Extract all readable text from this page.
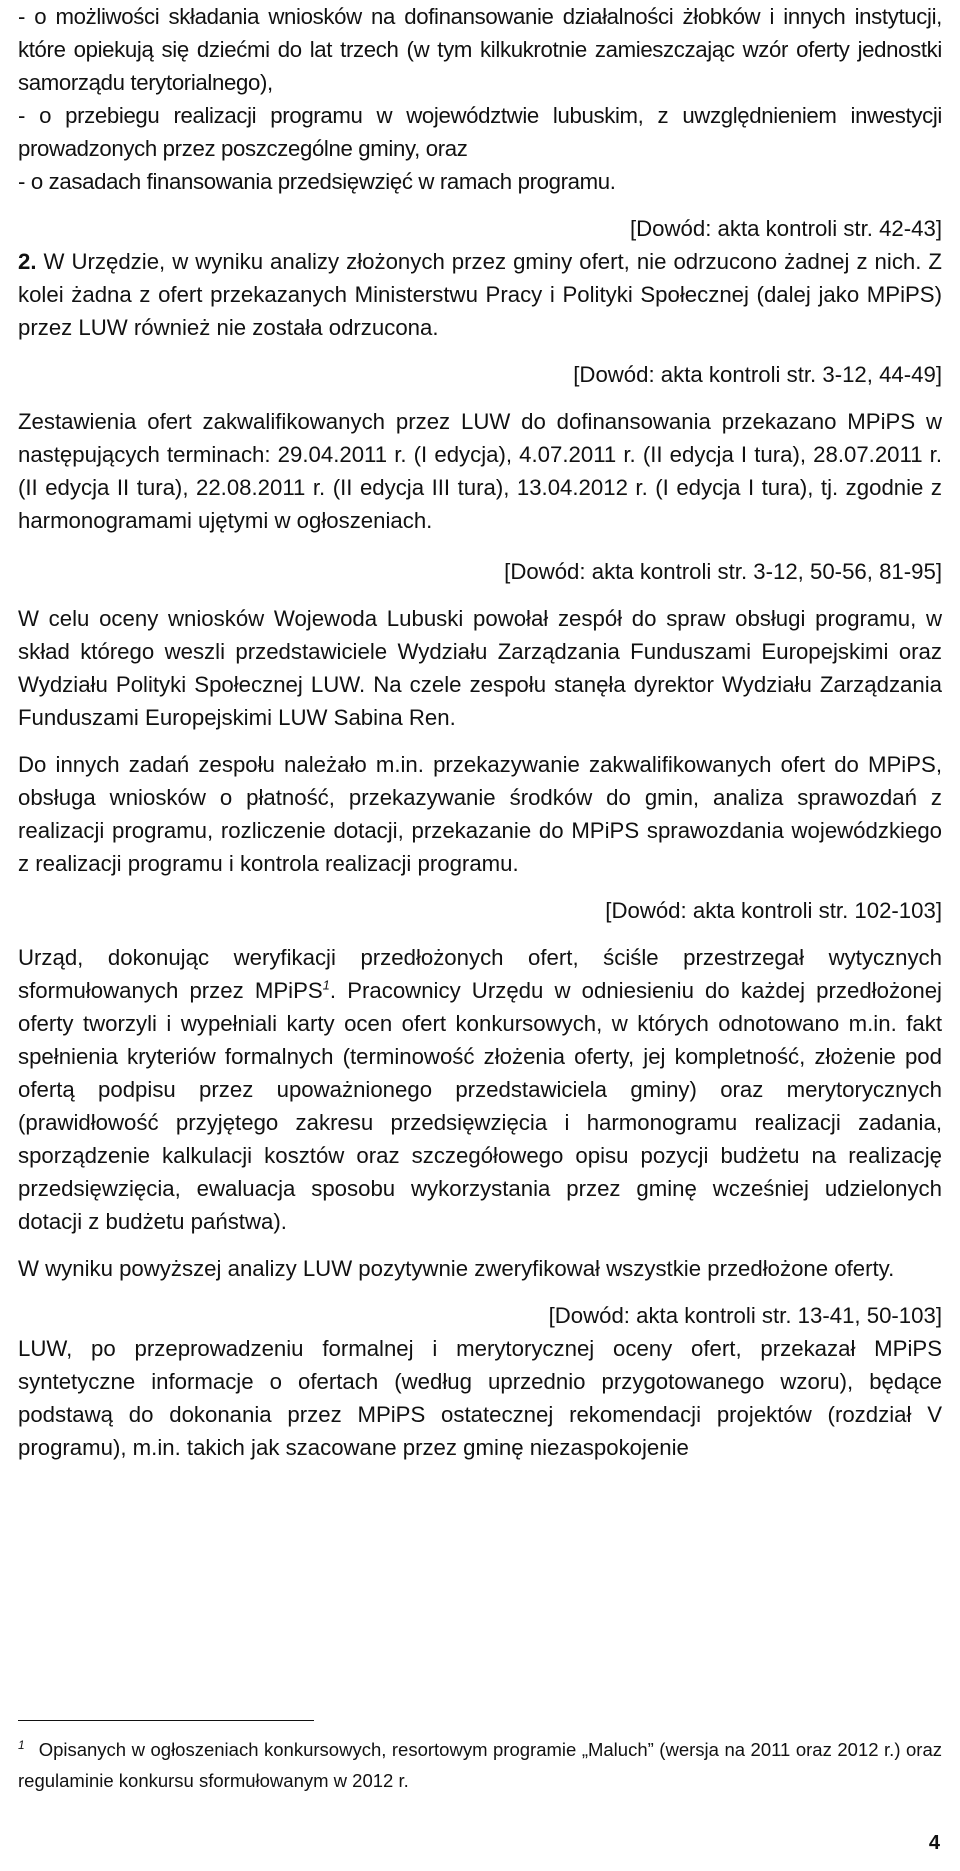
- o możliwości składania wniosków na dofinansowanie działalności żłobków i innych instytucji, które opiekują się dziećmi do lat trzech (w tym kilkukrotnie zamieszczając wzór oferty jednostki samorządu terytorialnego),

- o przebiegu realizacji programu w województwie lubuskim, z uwzględnieniem inwestycji prowadzonych przez poszczególne gminy, oraz

- o zasadach finansowania przedsięwzięć w ramach programu.

[Dowód: akta kontroli str. 42-43]

2. W Urzędzie, w wyniku analizy złożonych przez gminy ofert, nie odrzucono żadnej z nich. Z kolei żadna z ofert przekazanych Ministerstwu Pracy i Polityki Społecznej (dalej jako MPiPS) przez LUW również nie została odrzucona.

[Dowód: akta kontroli str. 3-12, 44-49]

Zestawienia ofert zakwalifikowanych przez LUW do dofinansowania przekazano MPiPS w następujących terminach: 29.04.2011 r. (I edycja), 4.07.2011 r. (II edycja I tura), 28.07.2011 r. (II edycja II tura), 22.08.2011 r. (II edycja III tura), 13.04.2012 r. (I edycja I tura), tj. zgodnie z harmonogramami ujętymi w ogłoszeniach.

[Dowód: akta kontroli str. 3-12, 50-56, 81-95]

W celu oceny wniosków Wojewoda Lubuski powołał zespół do spraw obsługi programu, w skład którego weszli przedstawiciele Wydziału Zarządzania Funduszami Europejskimi oraz Wydziału Polityki Społecznej LUW. Na czele zespołu stanęła dyrektor Wydziału Zarządzania Funduszami Europejskimi LUW Sabina Ren.

Do innych zadań zespołu należało m.in. przekazywanie zakwalifikowanych ofert do MPiPS, obsługa wniosków o płatność, przekazywanie środków do gmin, analiza sprawozdań z realizacji programu, rozliczenie dotacji, przekazanie do MPiPS sprawozdania wojewódzkiego z realizacji programu i kontrola realizacji programu.

[Dowód: akta kontroli str. 102-103]

Urząd, dokonując weryfikacji przedłożonych ofert, ściśle przestrzegał wytycznych sformułowanych przez MPiPS$^1$. Pracownicy Urzędu w odniesieniu do każdej przedłożonej oferty tworzyli i wypełniali karty ocen ofert konkursowych, w których odnotowano m.in. fakt spełnienia kryteriów formalnych (terminowość złożenia oferty, jej kompletność, złożenie pod ofertą podpisu przez upoważnionego przedstawiciela gminy) oraz merytorycznych (prawidłowość przyjętego zakresu przedsięwzięcia i harmonogramu realizacji zadania, sporządzenie kalkulacji kosztów oraz szczegółowego opisu pozycji budżetu na realizację przedsięwzięcia, ewaluacja sposobu wykorzystania przez gminę wcześniej udzielonych dotacji z budżetu państwa).

W wyniku powyższej analizy LUW pozytywnie zweryfikował wszystkie przedłożone oferty.

[Dowód: akta kontroli str. 13-41, 50-103]

LUW, po przeprowadzeniu formalnej i merytorycznej oceny ofert, przekazał MPiPS syntetyczne informacje o ofertach (według uprzednio przygotowanego wzoru), będące podstawą do dokonania przez MPiPS ostatecznej rekomendacji projektów (rozdział V programu), m.in. takich jak szacowane przez gminę niezaspokojenie

$^1$ Opisanych w ogłoszeniach konkursowych, resortowym programie „Maluch” (wersja na 2011 oraz 2012 r.) oraz regulaminie konkursu sformułowanym w 2012 r.
4
